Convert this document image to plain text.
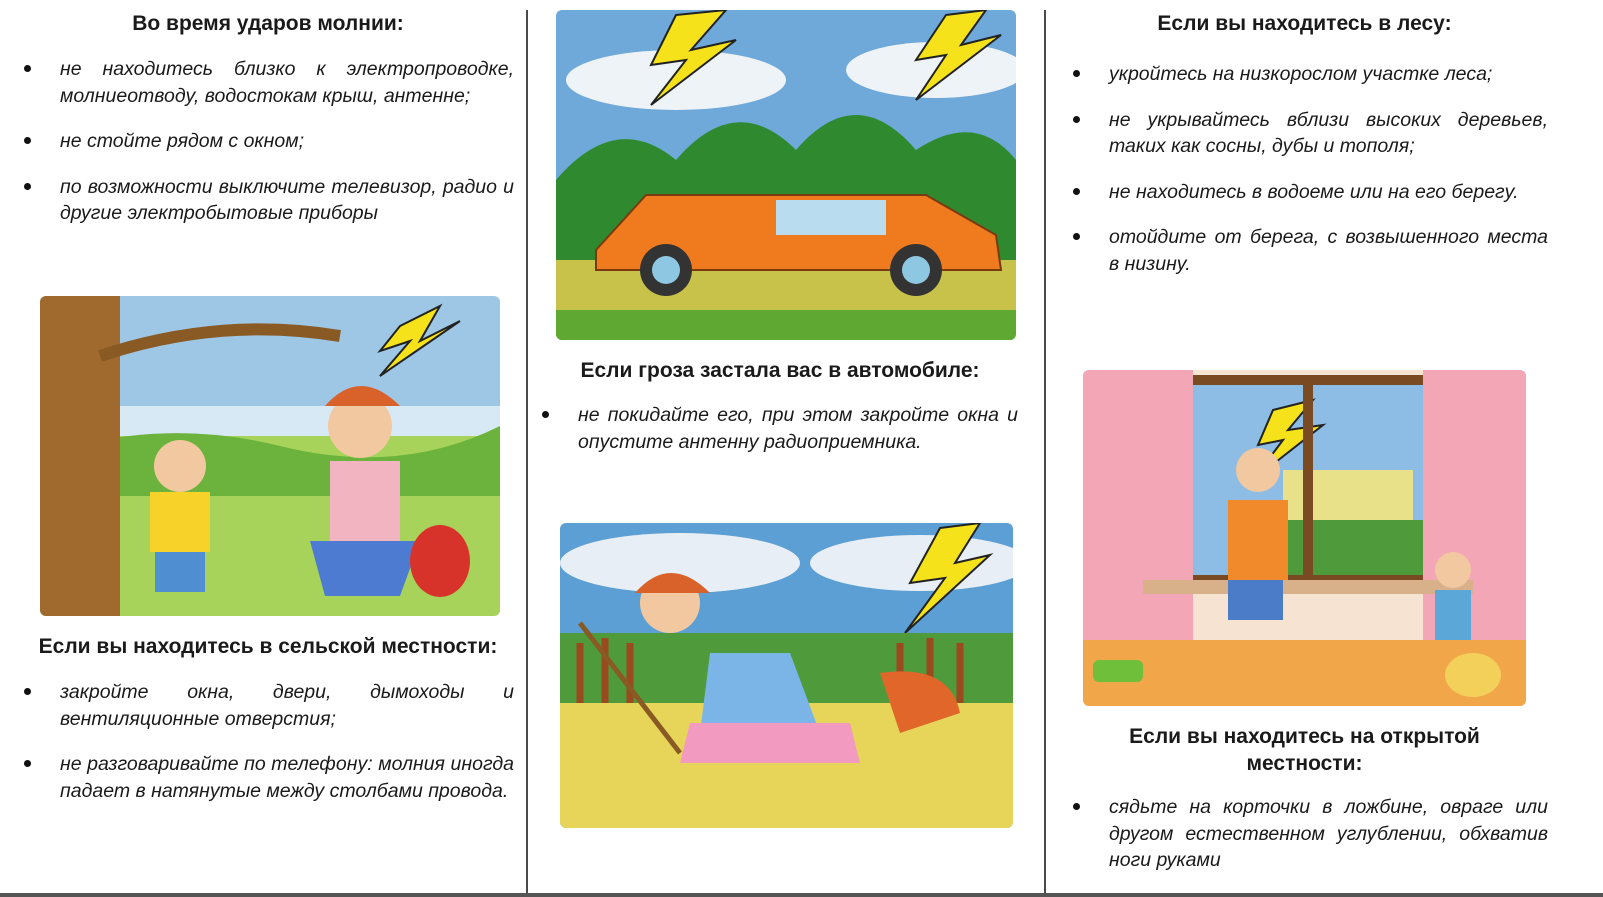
Во время ударов молнии:
не находитесь близко к электропроводке, молниеотводу, водостокам крыш, антенне;
не стойте рядом с окном;
по возможности выключите телевизор, радио и другие электробытовые приборы
Если вы находитесь в сельской местности:
закройте окна, двери, дымоходы и вентиляционные отверстия;
не разговаривайте по телефону: молния иногда падает в натянутые между столбами провода.
Если гроза застала вас в автомобиле:
не покидайте его, при этом закройте окна и опустите антенну радиоприемника.
Если вы находитесь в лесу:
укройтесь на низкорослом участке леса;
не укрывайтесь вблизи высоких деревьев, таких как сосны, дубы и тополя;
не находитесь в водоеме или на его берегу.
отойдите от берега, с возвышенного места в низину.
Если вы находитесь на открытой местности:
сядьте на корточки в ложбине, овраге или другом естественном углублении, обхватив ноги руками
